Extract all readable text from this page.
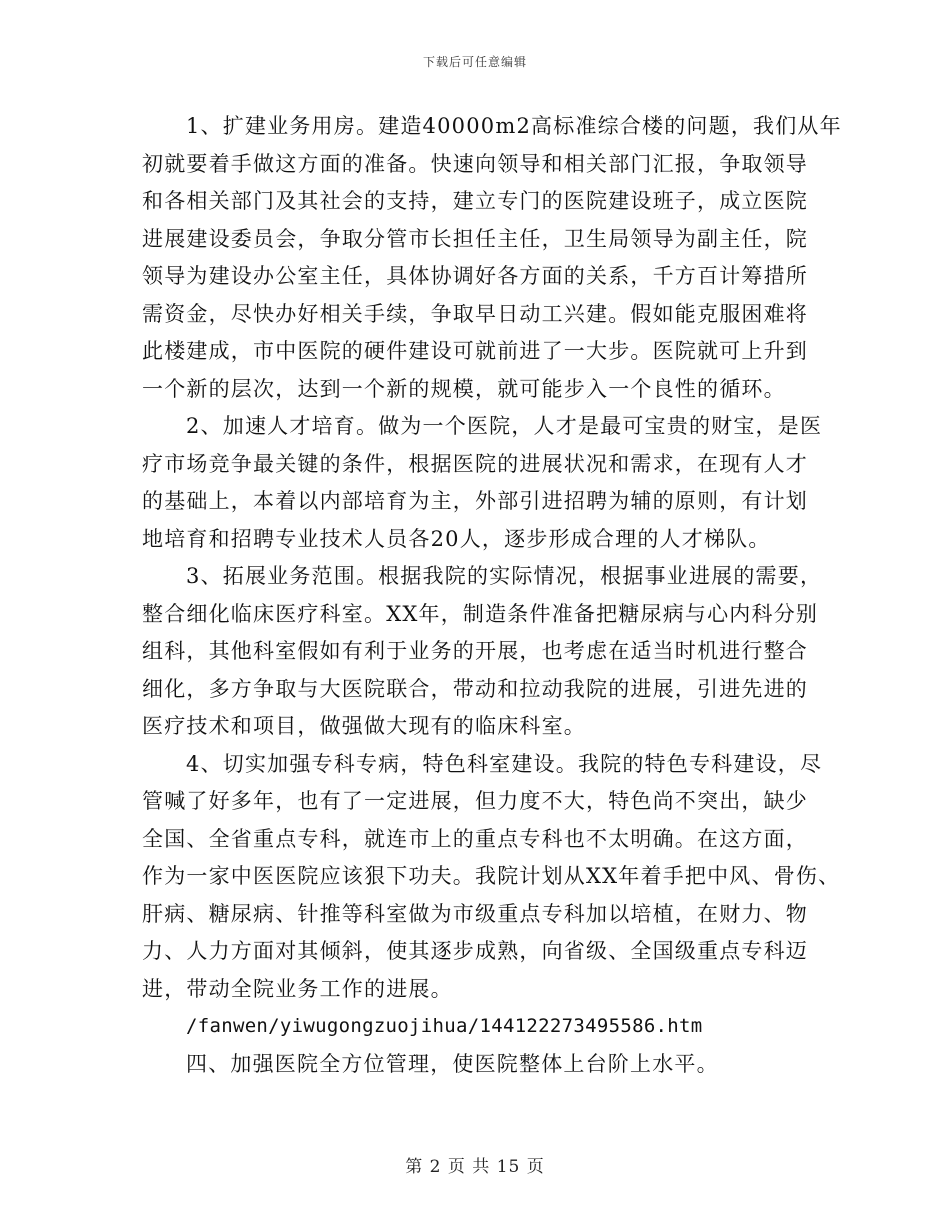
下载后可任意编辑
1、扩建业务用房。建造40000m2高标准综合楼的问题，我们从年
初就要着手做这方面的准备。快速向领导和相关部门汇报，争取领导
和各相关部门及其社会的支持，建立专门的医院建设班子，成立医院
进展建设委员会，争取分管市长担任主任，卫生局领导为副主任，院
领导为建设办公室主任，具体协调好各方面的关系，千方百计筹措所
需资金，尽快办好相关手续，争取早日动工兴建。假如能克服困难将
此楼建成，市中医院的硬件建设可就前进了一大步。医院就可上升到
一个新的层次，达到一个新的规模，就可能步入一个良性的循环。
2、加速人才培育。做为一个医院，人才是最可宝贵的财宝，是医
疗市场竞争最关键的条件，根据医院的进展状况和需求，在现有人才
的基础上，本着以内部培育为主，外部引进招聘为辅的原则，有计划
地培育和招聘专业技术人员各20人，逐步形成合理的人才梯队。
3、拓展业务范围。根据我院的实际情况，根据事业进展的需要，
整合细化临床医疗科室。XX年，制造条件准备把糖尿病与心内科分别
组科，其他科室假如有利于业务的开展，也考虑在适当时机进行整合
细化，多方争取与大医院联合，带动和拉动我院的进展，引进先进的
医疗技术和项目，做强做大现有的临床科室。
4、切实加强专科专病，特色科室建设。我院的特色专科建设，尽
管喊了好多年，也有了一定进展，但力度不大，特色尚不突出，缺少
全国、全省重点专科，就连市上的重点专科也不太明确。在这方面，
作为一家中医医院应该狠下功夫。我院计划从XX年着手把中风、骨伤、
肝病、糖尿病、针推等科室做为市级重点专科加以培植，在财力、物
力、人力方面对其倾斜，使其逐步成熟，向省级、全国级重点专科迈
进，带动全院业务工作的进展。
/fanwen/yiwugongzuojihua/144122273495586.htm
四、加强医院全方位管理，使医院整体上台阶上水平。
第 2 页 共 15 页
